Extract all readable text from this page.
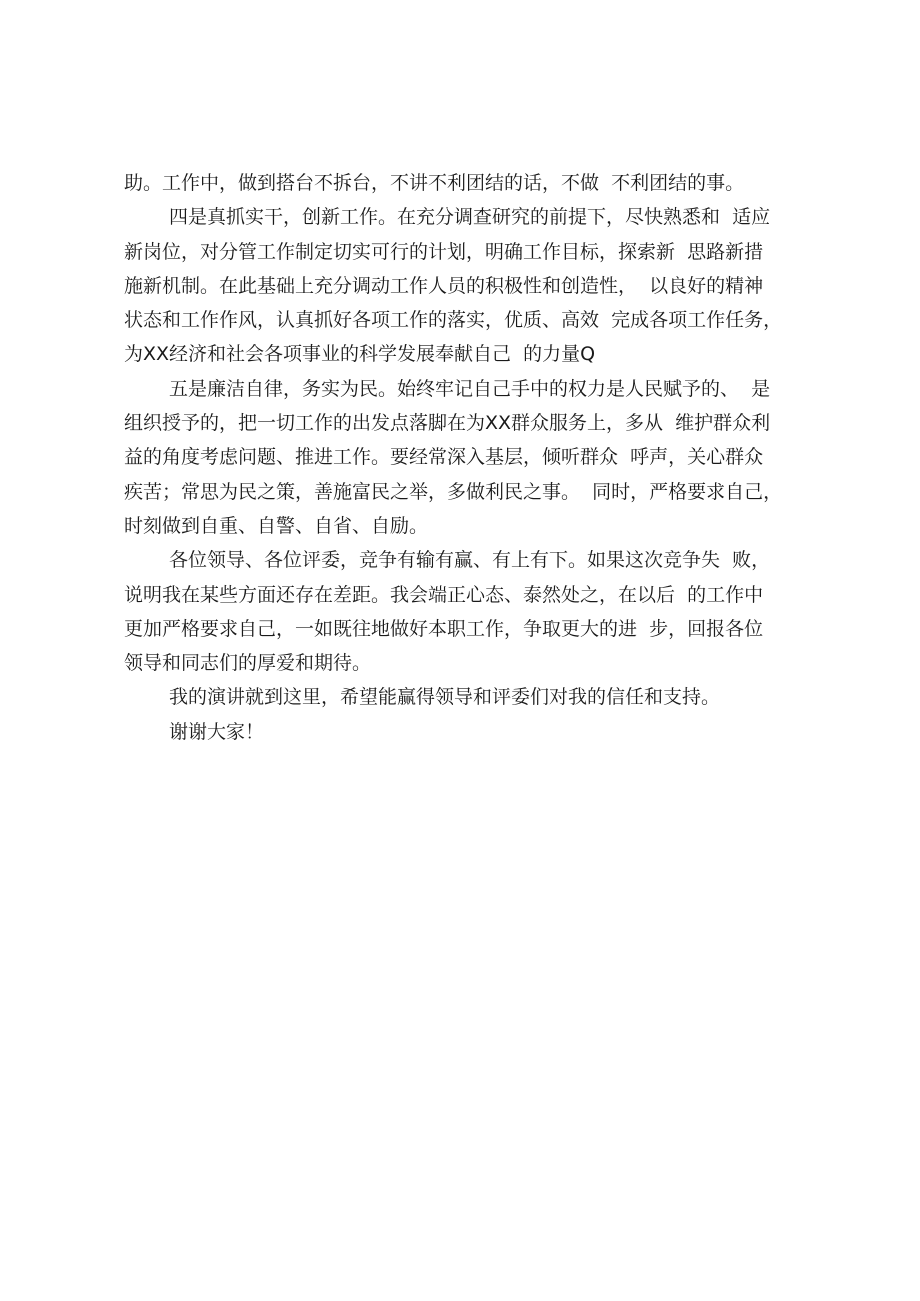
助。工作中，做到搭台不拆台，不讲不利团结的话，不做  不利团结的事。
四是真抓实干，创新工作。在充分调查研究的前提下，尽快熟悉和  适应
新岗位，对分管工作制定切实可行的计划，明确工作目标，探索新  思路新措
施新机制。在此基础上充分调动工作人员的积极性和创造性，  以良好的精神
状态和工作作风，认真抓好各项工作的落实，优质、高效  完成各项工作任务，
为XX经济和社会各项事业的科学发展奉献自己  的力量Q
五是廉洁自律，务实为民。始终牢记自己手中的权力是人民赋予的、  是
组织授予的，把一切工作的出发点落脚在为XX群众服务上，多从  维护群众利
益的角度考虑问题、推进工作。要经常深入基层，倾听群众  呼声，关心群众
疾苦；常思为民之策，善施富民之举，多做利民之事。  同时，严格要求自己，
时刻做到自重、自警、自省、自励。
各位领导、各位评委，竞争有输有赢、有上有下。如果这次竞争失  败，
说明我在某些方面还存在差距。我会端正心态、泰然处之，在以后  的工作中
更加严格要求自己，一如既往地做好本职工作，争取更大的进  步，回报各位
领导和同志们的厚爱和期待。
我的演讲就到这里，希望能赢得领导和评委们对我的信任和支持。
谢谢大家！
